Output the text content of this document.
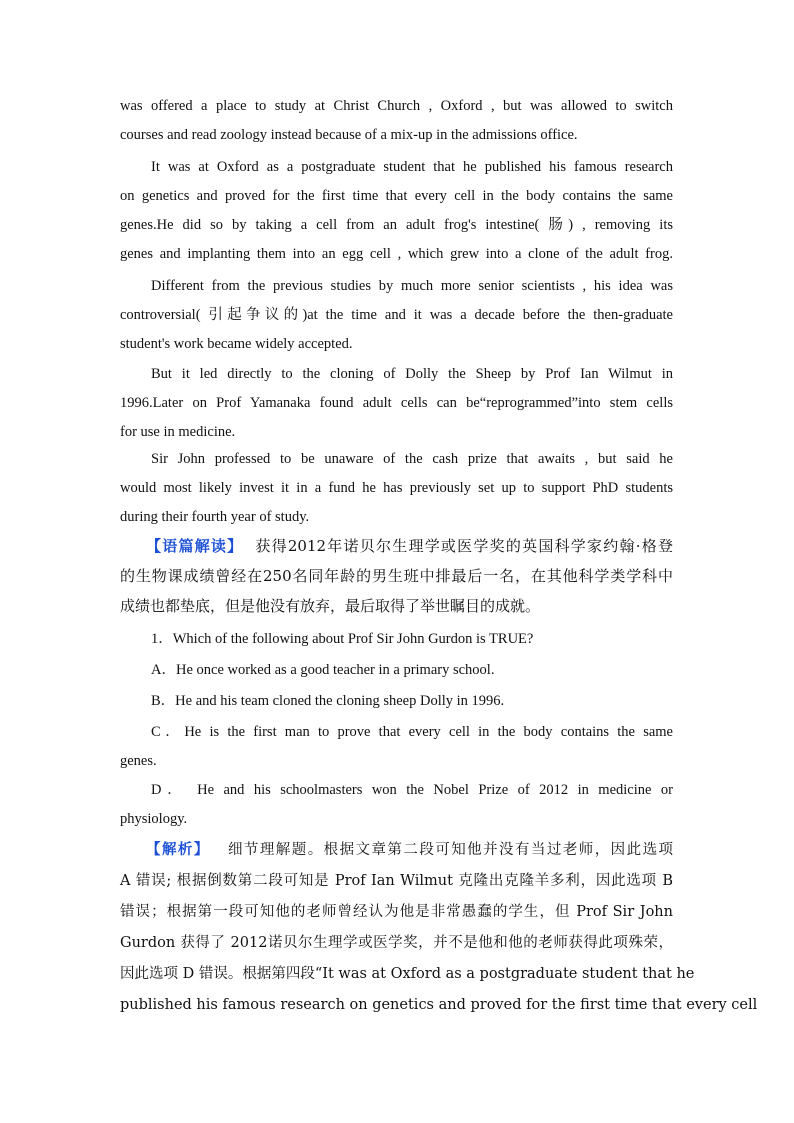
was offered a place to study at Christ Church , Oxford , but was allowed to switch
courses and read zoology instead because of a mix-up in the admissions office.
It was at Oxford as a postgraduate student that he published his famous research
on genetics and proved for the first time that every cell in the body contains the same
genes.He did so by taking a cell from an adult frog's intestine( 肠) , removing its
genes and implanting them into an egg cell , which grew into a clone of the adult frog.
Different from the previous studies by much more senior scientists , his idea was
controversial( 引起争议的)at the time and it was a decade before the then-graduate
student's work became widely accepted.
But it led directly to the cloning of Dolly the Sheep by Prof Ian Wilmut in
1996.Later on Prof Yamanaka found adult cells can be“reprogrammed”into stem cells
for use in medicine.
Sir John professed to be unaware of the cash prize that awaits , but said he
would most likely invest it in a fund he has previously set up to support PhD students
during their fourth year of study.
【语篇解读】 获得2012年诺贝尔生理学或医学奖的英国科学家约翰·格登
的生物课成绩曾经在250名同年龄的男生班中排最后一名，在其他科学类学科中
成绩也都垫底，但是他没有放弃，最后取得了举世瞩目的成就。
1．Which of the following about Prof Sir John Gurdon is TRUE?
A．He once worked as a good teacher in a primary school.
B．He and his team cloned the cloning sheep Dolly in 1996.
C．He is the first man to prove that every cell in the body contains the same
genes.
D． He and his schoolmasters won the Nobel Prize of 2012 in medicine or
physiology.
【解析】 细节理解题。根据文章第二段可知他并没有当过老师，因此选项
A 错误; 根据倒数第二段可知是 Prof Ian Wilmut 克隆出克隆羊多利，因此选项 B
错误；根据第一段可知他的老师曾经认为他是非常愚蠢的学生，但 Prof Sir John
Gurdon 获得了 2012诺贝尔生理学或医学奖，并不是他和他的老师获得此项殊荣，
因此选项 D 错误。根据第四段“It was at Oxford as a postgraduate student that he
published his famous research on genetics and proved for the first time that every cell
